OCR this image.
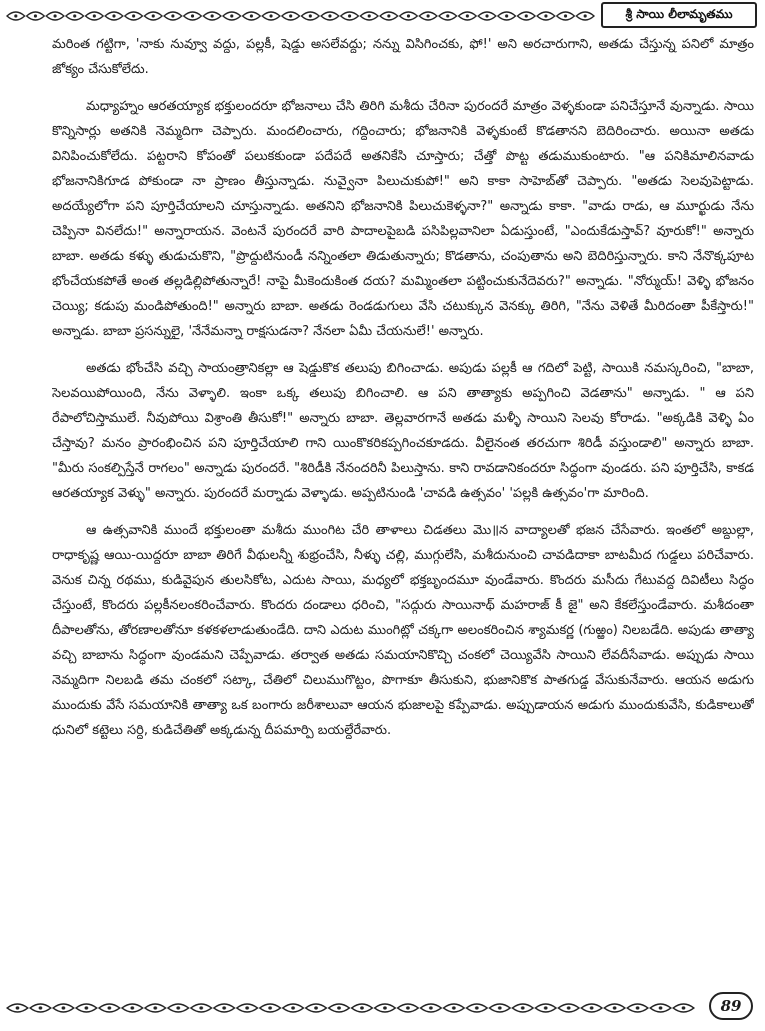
శ్రీ సాయి లీలామృతము

మరింత గట్టిగా, 'నాకు నువ్వూ వద్దు, పల్లకీ, షెడ్డు అసలేవద్దు; నన్ను విసిగించకు, ఫో!' అని అరచారుగాని, అతడు చేస్తున్న పనిలో మాత్రం జోక్యం చేసుకోలేదు.

మధ్యాహ్నం ఆరతయ్యాక భక్తులందరూ భోజనాలు చేసి తిరిగి మశీదు చేరినా పురందరే మాత్రం వెళ్ళకుండా పనిచేస్తూనే వున్నాడు. సాయి కొన్నిసార్లు అతనికి నెమ్మదిగా చెప్పారు. మందలించారు, గద్దించారు; భోజనానికి వెళ్ళకుంటే కొడతానని బెదిరించారు. అయినా అతడు వినిపించుకోలేదు. పట్టరాని కోపంతో పలుకకుండా పదేపదే అతనికేసి చూస్తారు; చేత్తో పొట్ట తడుముకుంటారు. "ఆ పనికిమాలినవాడు భోజనానికిగూడ పోకుండా నా ప్రాణం తీస్తున్నాడు. నువ్వైనా పిలుచుకుపో!" అని కాకా సాహెబ్‌తో చెప్పారు. "అతడు సెలవుపెట్టాడు. అదయ్యేలోగా పని పూర్తిచేయాలని చూస్తున్నాడు. అతనిని భోజనానికి పిలుచుకెళ్ళనా?" అన్నాడు కాకా. "వాడు రాడు, ఆ మూర్ఖుడు నేను చెప్పినా వినలేదు!" అన్నారాయన. వెంటనే పురందరే వారి పాదాలపైబడి పసిపిల్లవానిలా ఏడుస్తుంటే, "ఎందుకేడుస్తావ్? వూరుకో!" అన్నారు బాబా. అతడు కళ్ళు తుడుచుకొని, "ప్రొద్దుటినుండీ నన్నింతలా తిడుతున్నారు; కొడతాను, చంపుతాను అని బెదిరిస్తున్నారు. కాని నేనొక్కపూట భోంచేయకపోతే అంత తల్లడిల్లిపోతున్నారే! నాపై మీకెందుకింత దయ? మమ్మింతలా పట్టించుకునేదెవరు?" అన్నాడు. "నోర్ముయ్! వెళ్ళి భోజనం చెయ్యి; కడుపు మండిపోతుంది!" అన్నారు బాబా. అతడు రెండడుగులు వేసి చటుక్కున వెనక్కు తిరిగి, "నేను వెళితే మీరిదంతా పీకేస్తారు!" అన్నాడు. బాబా ప్రసన్నులై, 'నేనేమన్నా రాక్షసుడనా? నేనలా ఏమీ చేయనులే!' అన్నారు.

అతడు భోంచేసి వచ్చి సాయంత్రానికల్లా ఆ షెడ్డుకొక తలుపు బిగించాడు. అపుడు పల్లకీ ఆ గదిలో పెట్టి, సాయికి నమస్కరించి, "బాబా, సెలవయిపోయింది, నేను వెళ్ళాలి. ఇంకా ఒక్క తలుపు బిగించాలి. ఆ పని తాత్యాకు అప్పగించి వెడతాను" అన్నాడు. " ఆ పని రేపాలోచిస్తాములే. నీవుపోయి విశ్రాంతి తీసుకో!" అన్నారు బాబా. తెల్లవారగానే అతడు మళ్ళీ సాయిని సెలవు కోరాడు. "అక్కడికి వెళ్ళి ఏం చేస్తావు? మనం ప్రారంభించిన పని పూర్తిచేయాలి గాని యింకొకరికప్పగించకూడదు. వీలైనంత తరచుగా శిరిడీ వస్తుండాలి" అన్నారు బాబా. "మీరు సంకల్పిస్తేనే రాగలం" అన్నాడు పురందరే. "శిరిడీకి నేనందరినీ పిలుస్తాను. కాని రావడానికందరూ సిద్ధంగా వుండరు. పని పూర్తిచేసి, కాకడ ఆరతయ్యాక వెళ్ళు" అన్నారు. పురందరే మర్నాడు వెళ్ళాడు. అప్పటినుండి 'చావడి ఉత్సవం' 'పల్లకి ఉత్సవం'గా మారింది.

ఆ ఉత్సవానికి ముందే భక్తులంతా మశీదు ముంగిట చేరి తాళాలు చిడతలు మొ॥న వాద్యాలతో భజన చేసేవారు. ఇంతలో అబ్దుల్లా, రాధాకృష్ణ ఆయి-యిద్దరూ బాబా తిరిగే వీథులన్నీ శుభ్రంచేసి, నీళ్ళు చల్లి, ముగ్గులేసి, మశీదునుంచి చావడిదాకా బాటమీద గుడ్డలు పరిచేవారు. వెనుక చిన్న రథము, కుడివైపున తులసికోట, ఎదుట సాయి, మధ్యలో భక్తబృందమూ వుండేవారు. కొందరు మసీదు గేటువద్ద దివిటీలు సిద్ధం చేస్తుంటే, కొందరు పల్లకీనలంకరించేవారు. కొందరు దండాలు ధరించి, "సద్గురు సాయినాథ్ మహరాజ్ కీ జై" అని కేకలేస్తుండేవారు. మశీదంతా దీపాలతోను, తోరణాలతోనూ కళకళలాడుతుండేది. దాని ఎదుట ముంగిట్లో చక్కగా అలంకరించిన శ్యామకర్ణ (గుఱ్ఱం) నిలబడేది. అపుడు తాత్యా వచ్చి బాబాను సిద్ధంగా వుండమని చెప్పేవాడు. తర్వాత అతడు సమయానికొచ్చి చంకలో చెయ్యివేసి సాయిని లేవదీసేవాడు. అప్పుడు సాయి నెమ్మదిగా నిలబడి తమ చంకలో సట్కా, చేతిలో చిలుముగొట్టం, పొగాకూ తీసుకుని, భుజానికొక పాతగుడ్డ వేసుకునేవారు. ఆయన అడుగు ముందుకు వేసే సమయానికి తాత్యా ఒక బంగారు జరీశాలువా ఆయన భుజాలపై కప్పేవాడు. అప్పుడాయన అడుగు ముందుకువేసి, కుడికాలుతో ధునిలో కట్టెలు సర్ది, కుడిచేతితో అక్కడున్న దీపమార్పి బయల్దేరేవారు.

89
